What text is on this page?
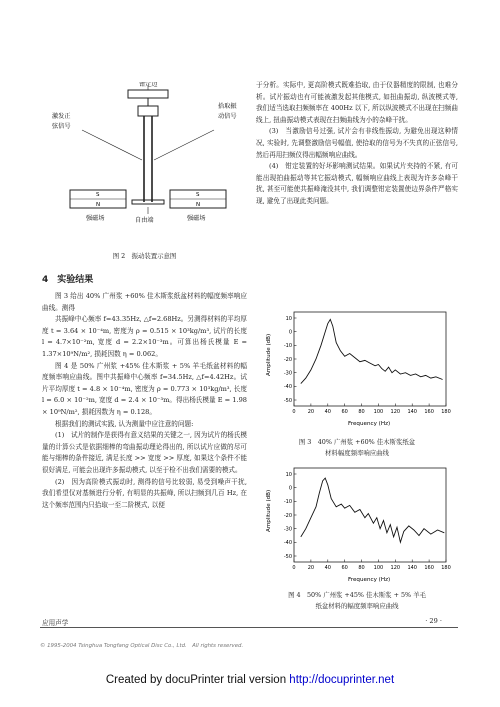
钳定边
激发正
弦信号
拾取振
动信号
S
N
S
N
强磁场	自由端	强磁场
图 2　振动装置示意图
4　实验结果

图 3 给出 40% 广州浆 +60% 佳木斯浆纸盆材料的幅度频率响应曲线。测得

共振峰中心频率 f=43.35Hz, △f=2.68Hz。另测得材料的平均厚度 t = 3.64 × 10⁻⁴m, 密度为 ρ = 0.515 × 10³kg/m³, 试片的长度 l = 4.7×10⁻²m, 宽度 d = 2.2×10⁻³m。可算出杨氏模量 E = 1.37×10⁹N/m², 损耗因数 η = 0.062。

图 4 是 50% 广州浆 +45% 佳木斯浆 + 5% 羊毛纸盆材料的幅度频率响应曲线。图中共振峰中心频率 f=34.5Hz, △f=4.42Hz。试片平均厚度 t = 4.8 × 10⁻⁴m, 密度为 ρ = 0.773 × 10³kg/m³, 长度 l = 6.0 × 10⁻²m, 宽度 d = 2.4 × 10⁻³m。得出杨氏模量 E = 1.98 × 10⁹N/m², 损耗因数为 η = 0.128。

根据我们的测试实践, 认为测量中应注意的问题:

(1)　试片的制作是获得有意义结果的关键之一, 因为试片的杨氏模量的计算公式是依据细棒的弯曲振动理论得出的, 所以试片应做的尽可能与细棒的条件接近, 满足长度 >> 宽度 >> 厚度, 如果这个条件不能很好满足, 可能会出现许多振动模式, 以至于检不出我们需要的模式。

(2)　因为高阶模式振动时, 测得的信号比较弱, 易受到噪声干扰, 我们希望仅对基频进行分析, 有明显的共振峰, 所以扫频到几百 Hz, 在这个频率范围内只拾取一至二阶模式, 以便

于分析。实际中, 更高阶模式既难拾取, 由于仪器精度的限制, 也难分析。试片振动也有可能被激发起其他模式, 如扭曲振动, 纵波模式等, 我们适当选取扫频频率在 400Hz 以下, 所以纵波模式不出现在扫频曲线上, 扭曲振动模式表现在扫频曲线为小的杂峰干扰。

(3)　当激励信号过强, 试片会有非线性振动, 为避免出现这种情况, 实验时, 先调整激励信号幅值, 使拾取的信号为不失真的正弦信号, 然后再用扫频仪得出幅频响应曲线。

(4)　钳定装置的好坏影响测试结果。如果试片夹持的不紧, 有可能出现拍曲振动等其它振动模式, 幅频响应曲线上表现为许多杂峰干扰, 甚至可能使共振峰淹没其中, 我们调整钳定装置使边界条件严格实现, 避免了出现此类问题。

10
0
-10
-20
-30
-40
-50
0 20 40 60 80 100 120 140 160 180
Amplitude (dB)
Frequency (Hz)
图 3　40% 广州浆 +60% 佳木斯浆纸盆
材料幅度频率响应曲线
10
0
-10
-20
-30
-40
-50
0 20 40 60 80 100 120 140 160 180
Amplitude (dB)
Frequency (Hz)
图 4　50% 广州浆 +45% 佳木斯浆 + 5% 羊毛
纸盆材料的幅度频率响应曲线
应用声学	· 29 ·
© 1995-2004 Tsinghua Tongfang Optical Disc Co., Ltd.　All rights reserved.
Created by docuPrinter trial version http://docuprinter.net
